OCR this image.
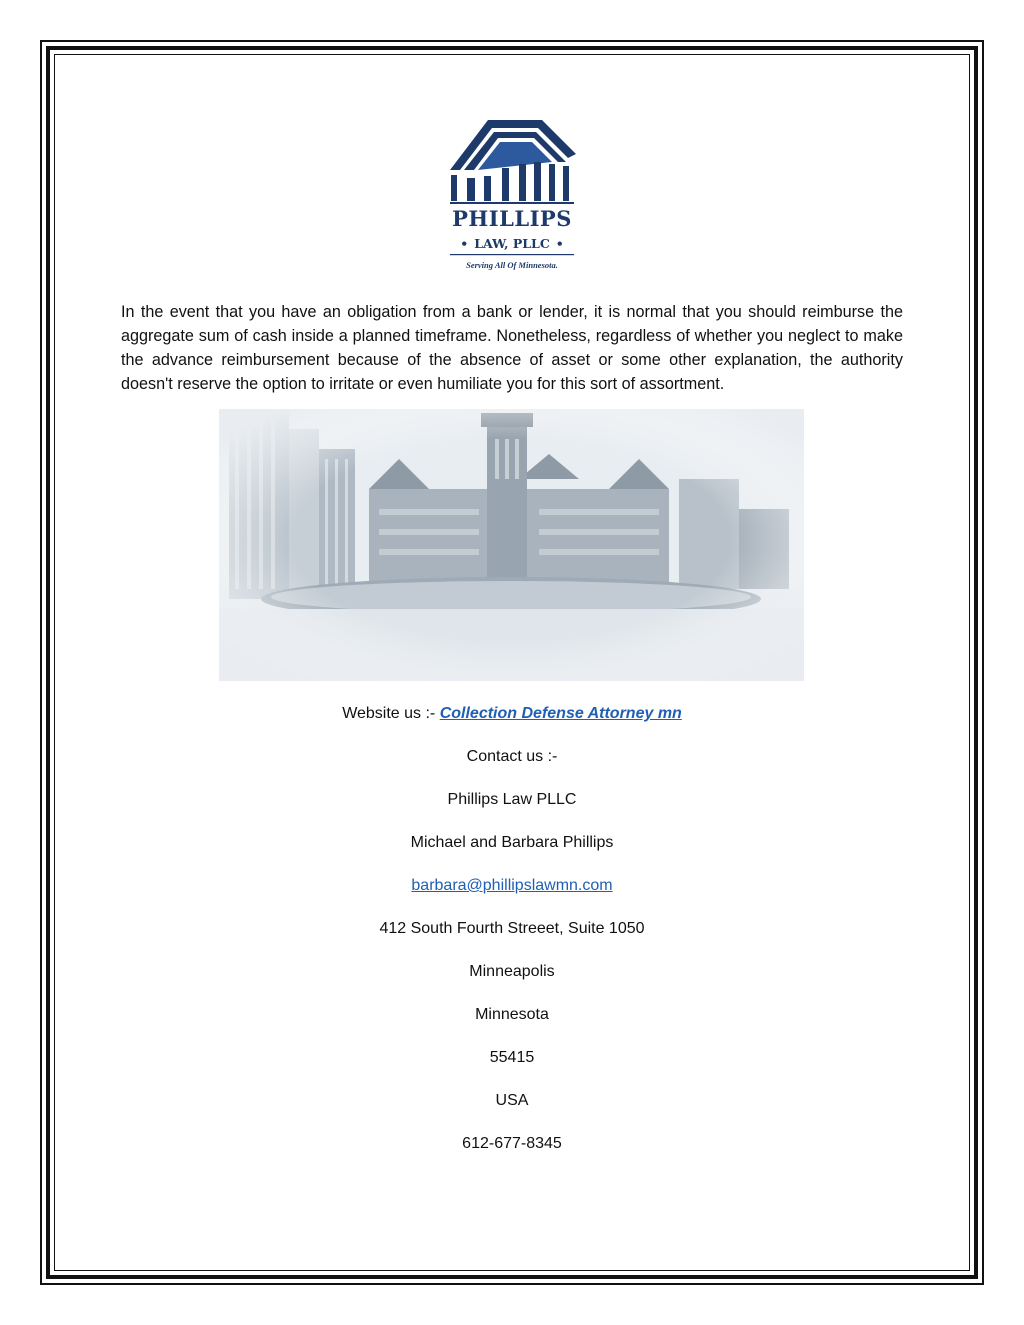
PHILLIPS
• LAW, PLLC •
Serving All Of Minnesota.

In the event that you have an obligation from a bank or lender, it is normal that you should reimburse the aggregate sum of cash inside a planned timeframe. Nonetheless, regardless of whether you neglect to make the advance reimbursement because of the absence of asset or some other explanation, the authority doesn't reserve the option to irritate or even humiliate you for this sort of assortment.

Website us :- Collection Defense Attorney mn
Contact us :-
Phillips Law PLLC
Michael and Barbara Phillips
barbara@phillipslawmn.com
412 South Fourth Streeet, Suite 1050
Minneapolis
Minnesota
55415
USA
612-677-8345
